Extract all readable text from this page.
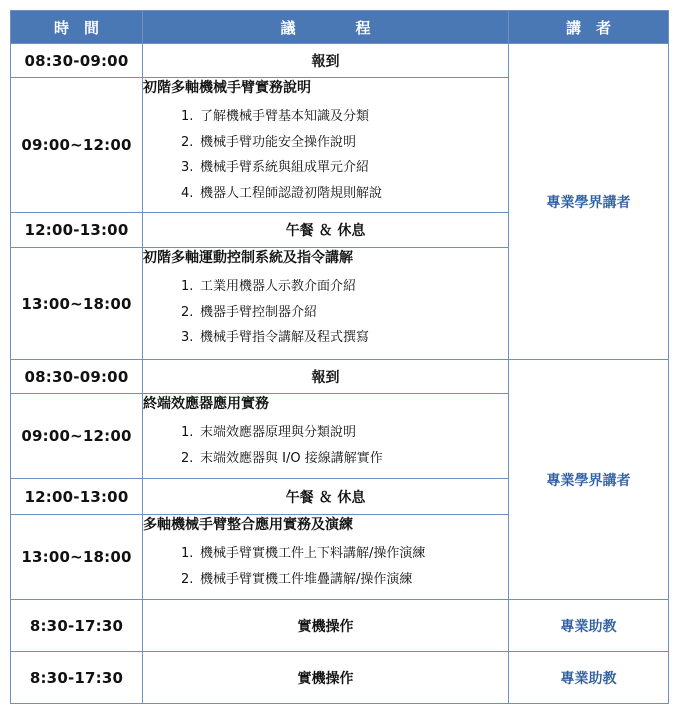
時　間	議　　　　程	講　者
08:30-09:00	報到	專業學界講者
09:00~12:00	初階多軸機械手臂實務說明
1. 了解機械手臂基本知識及分類
2. 機械手臂功能安全操作說明
3. 機械手臂系統與組成單元介紹
4. 機器人工程師認證初階規則解說	

12:00-13:00	午餐 ＆ 休息	
13:00~18:00	初階多軸運動控制系統及指令講解
1. 工業用機器人示教介面介紹
2. 機器手臂控制器介紹
3. 機械手臂指令講解及程式撰寫	

08:30-09:00	報到	專業學界講者
09:00~12:00	終端效應器應用實務
1. 末端效應器原理與分類說明
2. 末端效應器與 I/O 接線講解實作	

12:00-13:00	午餐 ＆ 休息	
13:00~18:00	多軸機械手臂整合應用實務及演練
1. 機械手臂實機工件上下料講解/操作演練
2. 機械手臂實機工件堆疊講解/操作演練	

8:30-17:30	實機操作	專業助教
8:30-17:30	實機操作	專業助教
